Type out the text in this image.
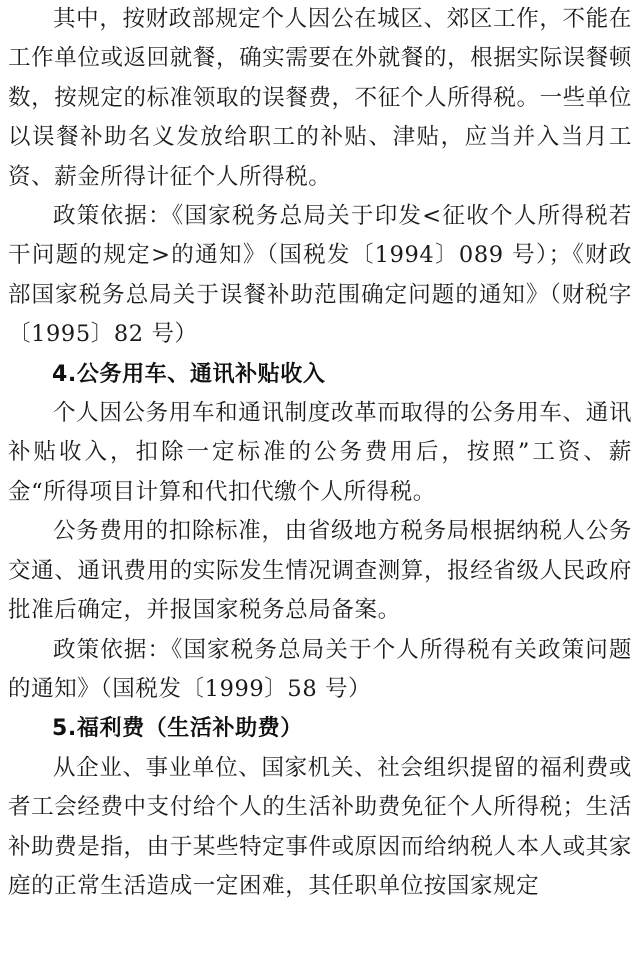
其中，按财政部规定个人因公在城区、郊区工作，不能在工作单位或返回就餐，确实需要在外就餐的，根据实际误餐顿数，按规定的标准领取的误餐费，不征个人所得税。一些单位以误餐补助名义发放给职工的补贴、津贴，应当并入当月工资、薪金所得计征个人所得税。

政策依据：《国家税务总局关于印发<征收个人所得税若干问题的规定>的通知》（国税发〔1994〕089 号）；《财政部国家税务总局关于误餐补助范围确定问题的通知》（财税字〔1995〕82 号）

4.公务用车、通讯补贴收入

个人因公务用车和通讯制度改革而取得的公务用车、通讯补贴收入，扣除一定标准的公务费用后，按照”工资、薪金“所得项目计算和代扣代缴个人所得税。

公务费用的扣除标准，由省级地方税务局根据纳税人公务交通、通讯费用的实际发生情况调查测算，报经省级人民政府批准后确定，并报国家税务总局备案。

政策依据：《国家税务总局关于个人所得税有关政策问题的通知》（国税发〔1999〕58 号）

5.福利费（生活补助费）

从企业、事业单位、国家机关、社会组织提留的福利费或者工会经费中支付给个人的生活补助费免征个人所得税；生活补助费是指，由于某些特定事件或原因而给纳税人本人或其家庭的正常生活造成一定困难，其任职单位按国家规定
